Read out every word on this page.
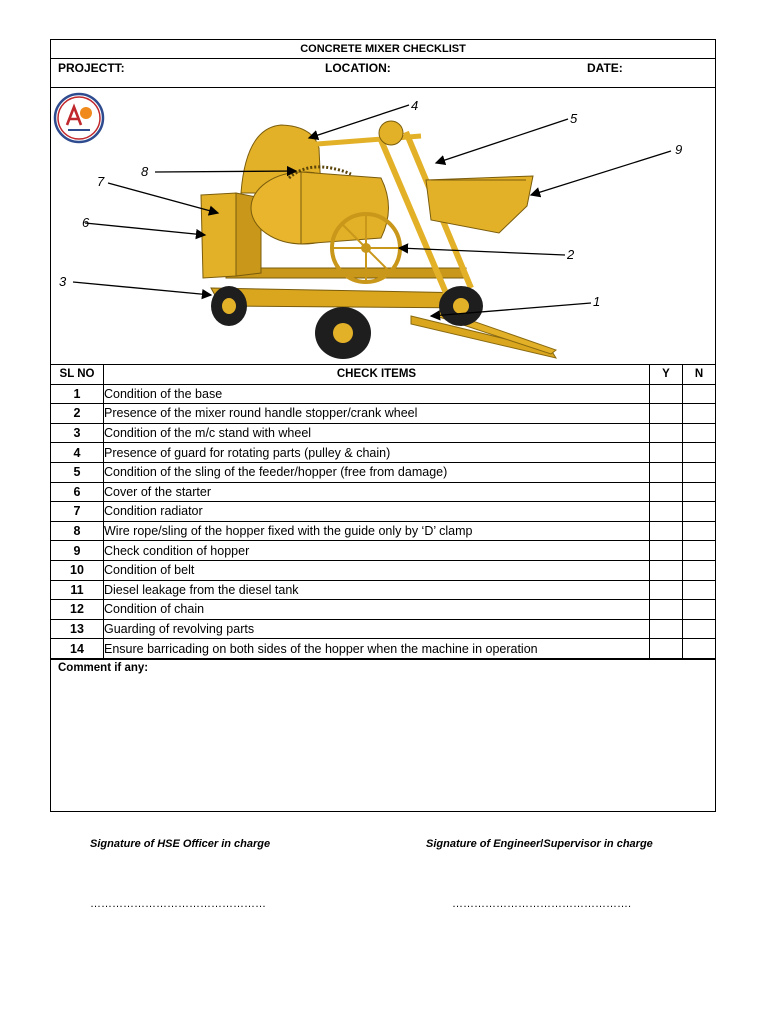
CONCRETE MIXER CHECKLIST
PROJECTT:	LOCATION:	DATE:
1
2
3
4
5
6
7
8
9
SL NO	CHECK ITEMS	Y	N
1	Condition of the base		
2	Presence of the mixer round handle stopper/crank wheel		
3	Condition of the m/c stand with wheel		
4	Presence of guard for rotating parts (pulley & chain)		
5	Condition of the sling of the feeder/hopper (free from damage)		
6	Cover of the starter		
7	Condition radiator		
8	Wire rope/sling of the hopper fixed with the guide only by ‘D’ clamp		
9	Check condition of hopper		
10	Condition of belt		
11	Diesel leakage from the diesel tank		
12	Condition of chain		
13	Guarding of revolving parts		
14	Ensure barricading on both sides of the hopper when the machine in operation		
Comment if any:
Signature of HSE Officer in charge	Signature of Engineer/Supervisor in charge
…………………………………………	………………………………………….
